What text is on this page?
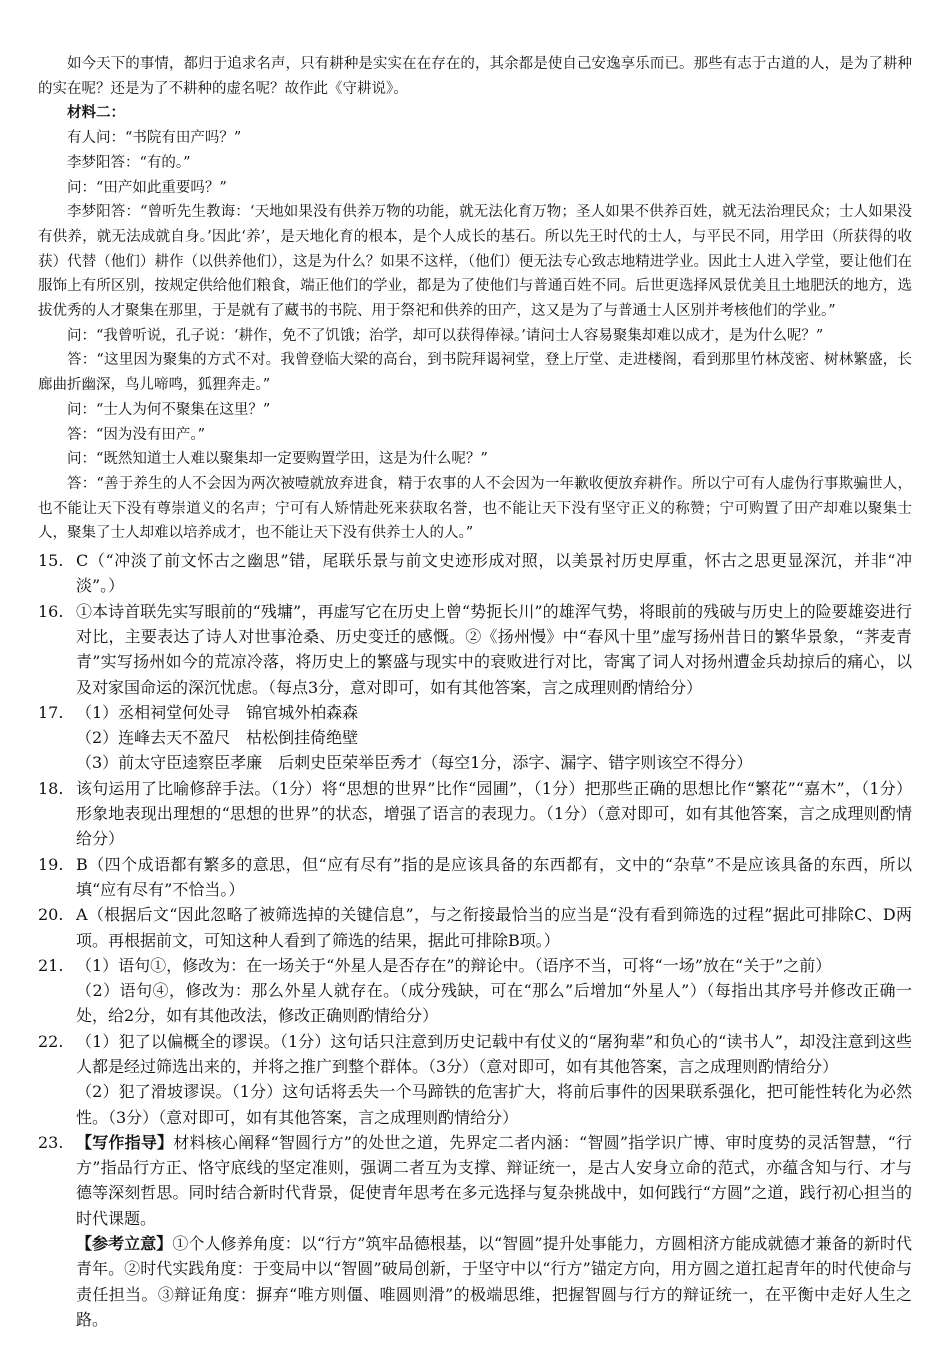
如今天下的事情，都归于追求名声，只有耕种是实实在在存在的，其余都是使自己安逸享乐而已。那些有志于古道的人，是为了耕种的实在呢？还是为了不耕种的虚名呢？故作此《守耕说》。

材料二：

有人问：“书院有田产吗？”

李梦阳答：“有的。”

问：“田产如此重要吗？”

李梦阳答：“曾听先生教诲：‘天地如果没有供养万物的功能，就无法化育万物；圣人如果不供养百姓，就无法治理民众；士人如果没有供养，就无法成就自身。’因此‘养’，是天地化育的根本，是个人成长的基石。所以先王时代的士人，与平民不同，用学田（所获得的收获）代替（他们）耕作（以供养他们），这是为什么？如果不这样，（他们）便无法专心致志地精进学业。因此士人进入学堂，要让他们在服饰上有所区别，按规定供给他们粮食，端正他们的学业，都是为了使他们与普通百姓不同。后世更选择风景优美且土地肥沃的地方，选拔优秀的人才聚集在那里，于是就有了藏书的书院、用于祭祀和供养的田产，这又是为了与普通士人区别并考核他们的学业。”

问：“我曾听说，孔子说：‘耕作，免不了饥饿；治学，却可以获得俸禄。’请问士人容易聚集却难以成才，是为什么呢？”

答：“这里因为聚集的方式不对。我曾登临大梁的高台，到书院拜谒祠堂，登上厅堂、走进楼阁，看到那里竹林茂密、树林繁盛，长廊曲折幽深，鸟儿啼鸣，狐狸奔走。”

问：“士人为何不聚集在这里？”

答：“因为没有田产。”

问：“既然知道士人难以聚集却一定要购置学田，这是为什么呢？”

答：“善于养生的人不会因为两次被噎就放弃进食，精于农事的人不会因为一年歉收便放弃耕作。所以宁可有人虚伪行事欺骗世人，也不能让天下没有尊崇道义的名声；宁可有人矫情赴死来获取名誉，也不能让天下没有坚守正义的称赞；宁可购置了田产却难以聚集士人，聚集了士人却难以培养成才，也不能让天下没有供养士人的人。”

15. C（“冲淡了前文怀古之幽思”错，尾联乐景与前文史迹形成对照，以美景衬历史厚重，怀古之思更显深沉，并非“冲淡”。）

16. ①本诗首联先实写眼前的“残墉”，再虚写它在历史上曾“势扼长川”的雄浑气势，将眼前的残破与历史上的险要雄姿进行对比，主要表达了诗人对世事沧桑、历史变迁的感慨。②《扬州慢》中“春风十里”虚写扬州昔日的繁华景象，“荠麦青青”实写扬州如今的荒凉冷落，将历史上的繁盛与现实中的衰败进行对比，寄寓了词人对扬州遭金兵劫掠后的痛心，以及对家国命运的深沉忧虑。（每点3分，意对即可，如有其他答案，言之成理则酌情给分）

17. （1）丞相祠堂何处寻　锦官城外柏森森

（2）连峰去天不盈尺　枯松倒挂倚绝壁

（3）前太守臣逵察臣孝廉　后刺史臣荣举臣秀才（每空1分，添字、漏字、错字则该空不得分）

18. 该句运用了比喻修辞手法。（1分）将“思想的世界”比作“园圃”，（1分）把那些正确的思想比作“繁花”“嘉木”，（1分）形象地表现出理想的“思想的世界”的状态，增强了语言的表现力。（1分）（意对即可，如有其他答案，言之成理则酌情给分）

19. B（四个成语都有繁多的意思，但“应有尽有”指的是应该具备的东西都有，文中的“杂草”不是应该具备的东西，所以填“应有尽有”不恰当。）

20. A（根据后文“因此忽略了被筛选掉的关键信息”，与之衔接最恰当的应当是“没有看到筛选的过程”据此可排除C、D两项。再根据前文，可知这种人看到了筛选的结果，据此可排除B项。）

21. （1）语句①，修改为：在一场关于“外星人是否存在”的辩论中。（语序不当，可将“一场”放在“关于”之前）

（2）语句④，修改为：那么外星人就存在。（成分残缺，可在“那么”后增加“外星人”）（每指出其序号并修改正确一处，给2分，如有其他改法，修改正确则酌情给分）

22. （1）犯了以偏概全的谬误。（1分）这句话只注意到历史记载中有仗义的“屠狗辈”和负心的“读书人”，却没注意到这些人都是经过筛选出来的，并将之推广到整个群体。（3分）（意对即可，如有其他答案，言之成理则酌情给分）

（2）犯了滑坡谬误。（1分）这句话将丢失一个马蹄铁的危害扩大，将前后事件的因果联系强化，把可能性转化为必然性。（3分）（意对即可，如有其他答案，言之成理则酌情给分）

23. 【写作指导】材料核心阐释“智圆行方”的处世之道，先界定二者内涵：“智圆”指学识广博、审时度势的灵活智慧，“行方”指品行方正、恪守底线的坚定准则，强调二者互为支撑、辩证统一，是古人安身立命的范式，亦蕴含知与行、才与德等深刻哲思。同时结合新时代背景，促使青年思考在多元选择与复杂挑战中，如何践行“方圆”之道，践行初心担当的时代课题。

【参考立意】①个人修养角度：以“行方”筑牢品德根基，以“智圆”提升处事能力，方圆相济方能成就德才兼备的新时代青年。②时代实践角度：于变局中以“智圆”破局创新，于坚守中以“行方”锚定方向，用方圆之道扛起青年的时代使命与责任担当。③辩证角度：摒弃“唯方则僵、唯圆则滑”的极端思维，把握智圆与行方的辩证统一，在平衡中走好人生之路。
